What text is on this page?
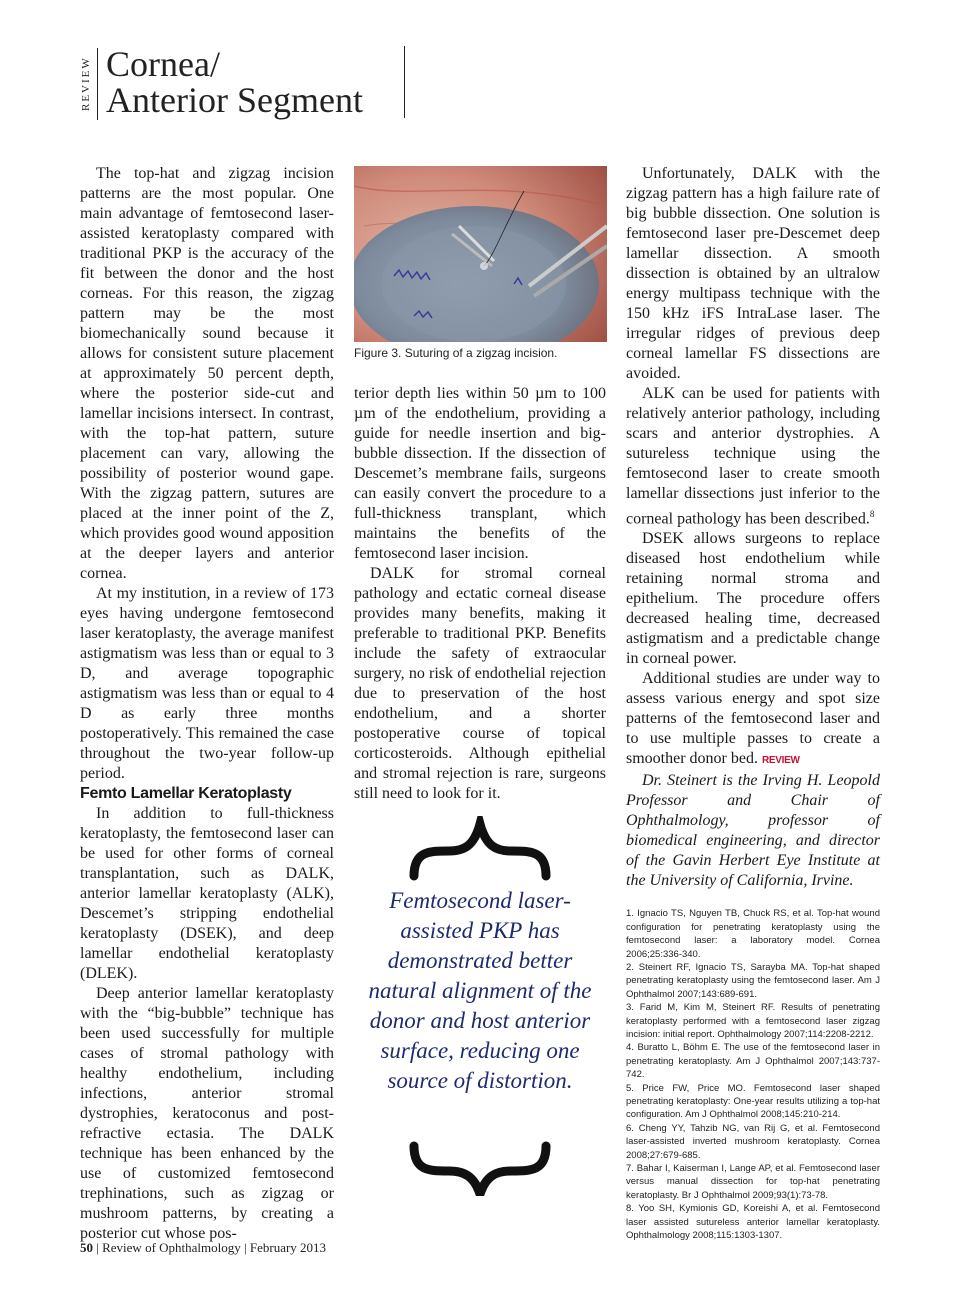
REVIEW Cornea/
Anterior Segment

The top-hat and zigzag incision patterns are the most popular. One main advantage of femtosecond laser-assisted keratoplasty compared with traditional PKP is the accuracy of the fit between the donor and the host corneas. For this reason, the zigzag pattern may be the most biomechanically sound because it allows for consistent suture placement at approximately 50 percent depth, where the posterior side-cut and lamellar incisions intersect. In contrast, with the top-hat pattern, suture placement can vary, allowing the possibility of posterior wound gape. With the zigzag pattern, sutures are placed at the inner point of the Z, which provides good wound apposition at the deeper layers and anterior cornea.

At my institution, in a review of 173 eyes having undergone femtosecond laser keratoplasty, the average manifest astigmatism was less than or equal to 3 D, and average topographic astigmatism was less than or equal to 4 D as early three months postoperatively. This remained the case throughout the two-year follow-up period.

Femto Lamellar Keratoplasty

In addition to full-thickness keratoplasty, the femtosecond laser can be used for other forms of corneal transplantation, such as DALK, anterior lamellar keratoplasty (ALK), Descemet’s stripping endothelial keratoplasty (DSEK), and deep lamellar endothelial keratoplasty (DLEK).

Deep anterior lamellar keratoplasty with the “big-bubble” technique has been used successfully for multiple cases of stromal pathology with healthy endothelium, including infections, anterior stromal dystrophies, keratoconus and post-refractive ectasia. The DALK technique has been enhanced by the use of customized femtosecond trephinations, such as zigzag or mushroom patterns, by creating a posterior cut whose pos-

Figure 3. Suturing of a zigzag incision.

terior depth lies within 50 µm to 100 µm of the endothelium, providing a guide for needle insertion and big-bubble dissection. If the dissection of Descemet’s membrane fails, surgeons can easily convert the procedure to a full-thickness transplant, which maintains the benefits of the femtosecond laser incision.

DALK for stromal corneal pathology and ectatic corneal disease provides many benefits, making it preferable to traditional PKP. Benefits include the safety of extraocular surgery, no risk of endothelial rejection due to preservation of the host endothelium, and a shorter postoperative course of topical corticosteroids. Although epithelial and stromal rejection is rare, surgeons still need to look for it.

Femtosecond laser-assisted PKP has demonstrated better natural alignment of the donor and host anterior surface, reducing one source of distortion.

Unfortunately, DALK with the zigzag pattern has a high failure rate of big bubble dissection. One solution is femtosecond laser pre-Descemet deep lamellar dissection. A smooth dissection is obtained by an ultralow energy multipass technique with the 150 kHz iFS IntraLase laser. The irregular ridges of previous deep corneal lamellar FS dissections are avoided.

ALK can be used for patients with relatively anterior pathology, including scars and anterior dystrophies. A sutureless technique using the femtosecond laser to create smooth lamellar dissections just inferior to the corneal pathology has been described.$^8$

DSEK allows surgeons to replace diseased host endothelium while retaining normal stroma and epithelium. The procedure offers decreased healing time, decreased astigmatism and a predictable change in corneal power.

Additional studies are under way to assess various energy and spot size patterns of the femtosecond laser and to use multiple passes to create a smoother donor bed. REVIEW

Dr. Steinert is the Irving H. Leopold Professor and Chair of Ophthalmology, professor of biomedical engineering, and director of the Gavin Herbert Eye Institute at the University of California, Irvine.

1. Ignacio TS, Nguyen TB, Chuck RS, et al. Top-hat wound configuration for penetrating keratoplasty using the femtosecond laser: a laboratory model. Cornea 2006;25:336-340.

2. Steinert RF, Ignacio TS, Sarayba MA. Top-hat shaped penetrating keratoplasty using the femtosecond laser. Am J Ophthalmol 2007;143:689-691.

3. Farid M, Kim M, Steinert RF. Results of penetrating keratoplasty performed with a femtosecond laser zigzag incision: initial report. Ophthalmology 2007;114:2208-2212.

4. Buratto L, Böhm E. The use of the femtosecond laser in penetrating keratoplasty. Am J Ophthalmol 2007;143:737-742.

5. Price FW, Price MO. Femtosecond laser shaped penetrating keratoplasty: One-year results utilizing a top-hat configuration. Am J Ophthalmol 2008;145:210-214.

6. Cheng YY, Tahzib NG, van Rij G, et al. Femtosecond laser-assisted inverted mushroom keratoplasty. Cornea 2008;27:679-685.

7. Bahar I, Kaiserman I, Lange AP, et al. Femtosecond laser versus manual dissection for top-hat penetrating keratoplasty. Br J Ophthalmol 2009;93(1):73-78.

8. Yoo SH, Kymionis GD, Koreishi A, et al. Femtosecond laser assisted sutureless anterior lamellar keratoplasty. Ophthalmology 2008;115:1303-1307.

50 | Review of Ophthalmology | February 2013
